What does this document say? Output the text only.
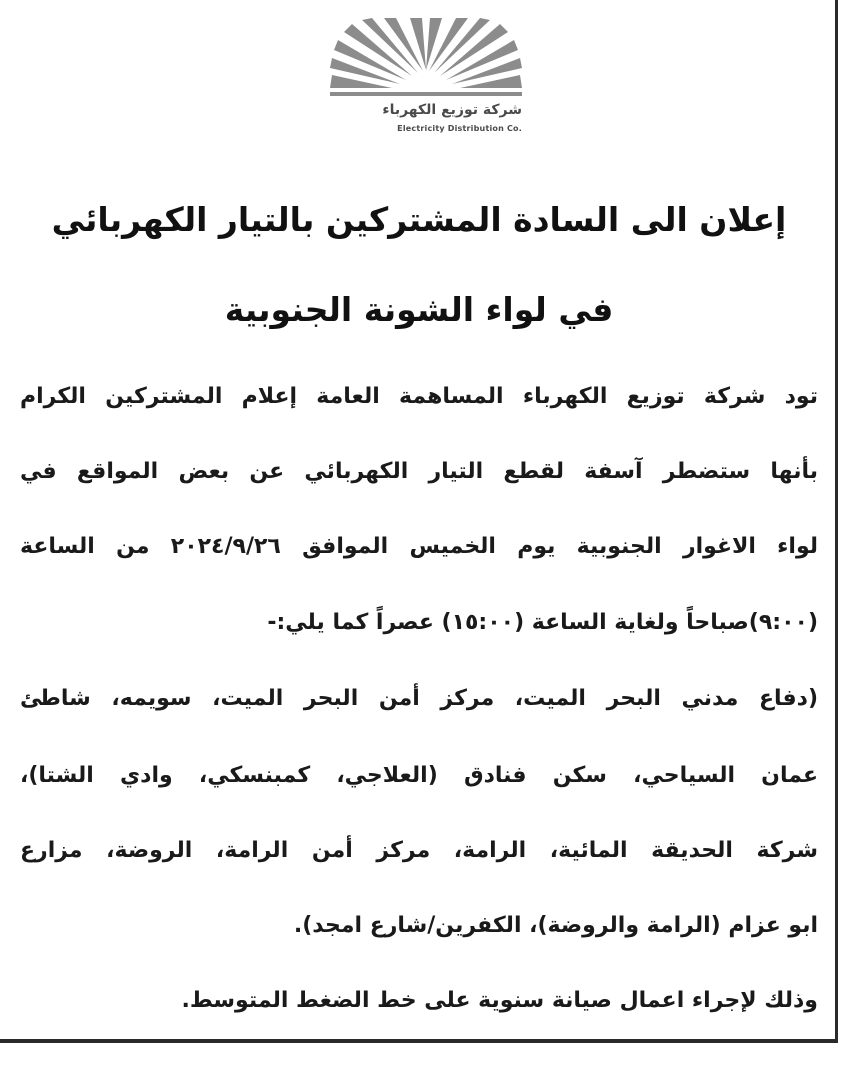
شركة توزيع الكهرباء
Electricity Distribution Co.
إعلان الى السادة المشتركين بالتيار الكهربائي
في لواء الشونة الجنوبية
تود شركة توزيع الكهرباء المساهمة العامة إعلام المشتركين الكرام
بأنها ستضطر آسفة لقطع التيار الكهربائي عن بعض المواقع في
لواء الاغوار الجنوبية يوم الخميس الموافق ٢٠٢٤/٩/٢٦ من الساعة
(٩:٠٠)صباحاً ولغاية الساعة (١٥:٠٠) عصراً كما يلي:-
(دفاع مدني البحر الميت، مركز أمن البحر الميت، سويمه، شاطئ
عمان السياحي، سكن فنادق (العلاجي، كمبنسكي، وادي الشتا)،
شركة الحديقة المائية، الرامة، مركز أمن الرامة، الروضة، مزارع
ابو عزام (الرامة والروضة)، الكفرين/شارع امجد).
وذلك لإجراء اعمال صيانة سنوية على خط الضغط المتوسط.
